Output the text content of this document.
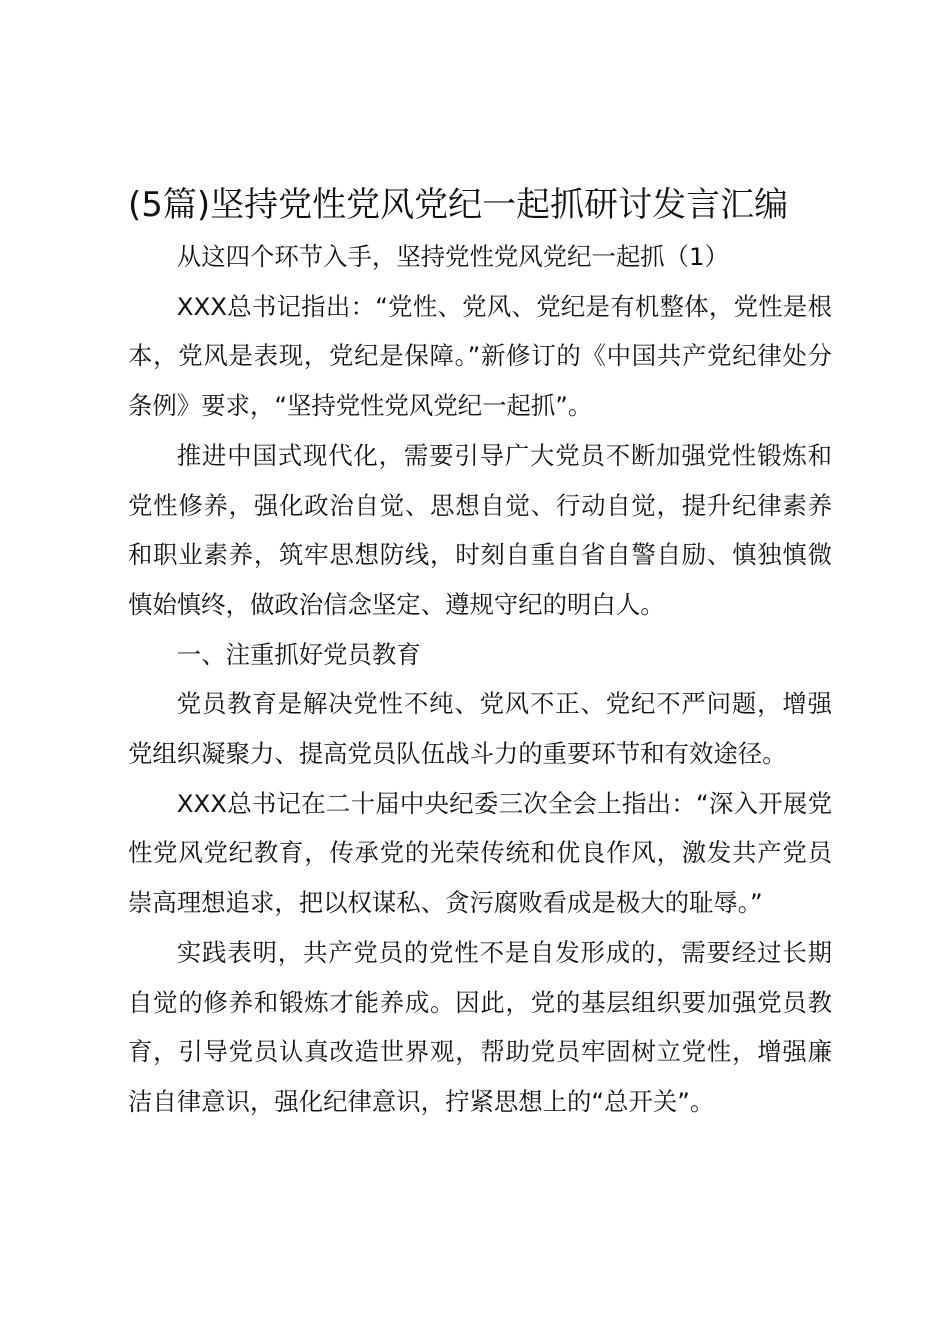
(5篇)坚持党性党风党纪一起抓研讨发言汇编

从这四个环节入手，坚持党性党风党纪一起抓（1）

XXX总书记指出：“党性、党风、党纪是有机整体，党性是根本，党风是表现，党纪是保障。”新修订的《中国共产党纪律处分条例》要求，“坚持党性党风党纪一起抓”。

推进中国式现代化，需要引导广大党员不断加强党性锻炼和党性修养，强化政治自觉、思想自觉、行动自觉，提升纪律素养和职业素养，筑牢思想防线，时刻自重自省自警自励、慎独慎微慎始慎终，做政治信念坚定、遵规守纪的明白人。

一、注重抓好党员教育

党员教育是解决党性不纯、党风不正、党纪不严问题，增强党组织凝聚力、提高党员队伍战斗力的重要环节和有效途径。

XXX总书记在二十届中央纪委三次全会上指出：“深入开展党性党风党纪教育，传承党的光荣传统和优良作风，激发共产党员崇高理想追求，把以权谋私、贪污腐败看成是极大的耻辱。”

实践表明，共产党员的党性不是自发形成的，需要经过长期自觉的修养和锻炼才能养成。因此，党的基层组织要加强党员教育，引导党员认真改造世界观，帮助党员牢固树立党性，增强廉洁自律意识，强化纪律意识，拧紧思想上的“总开关”。
